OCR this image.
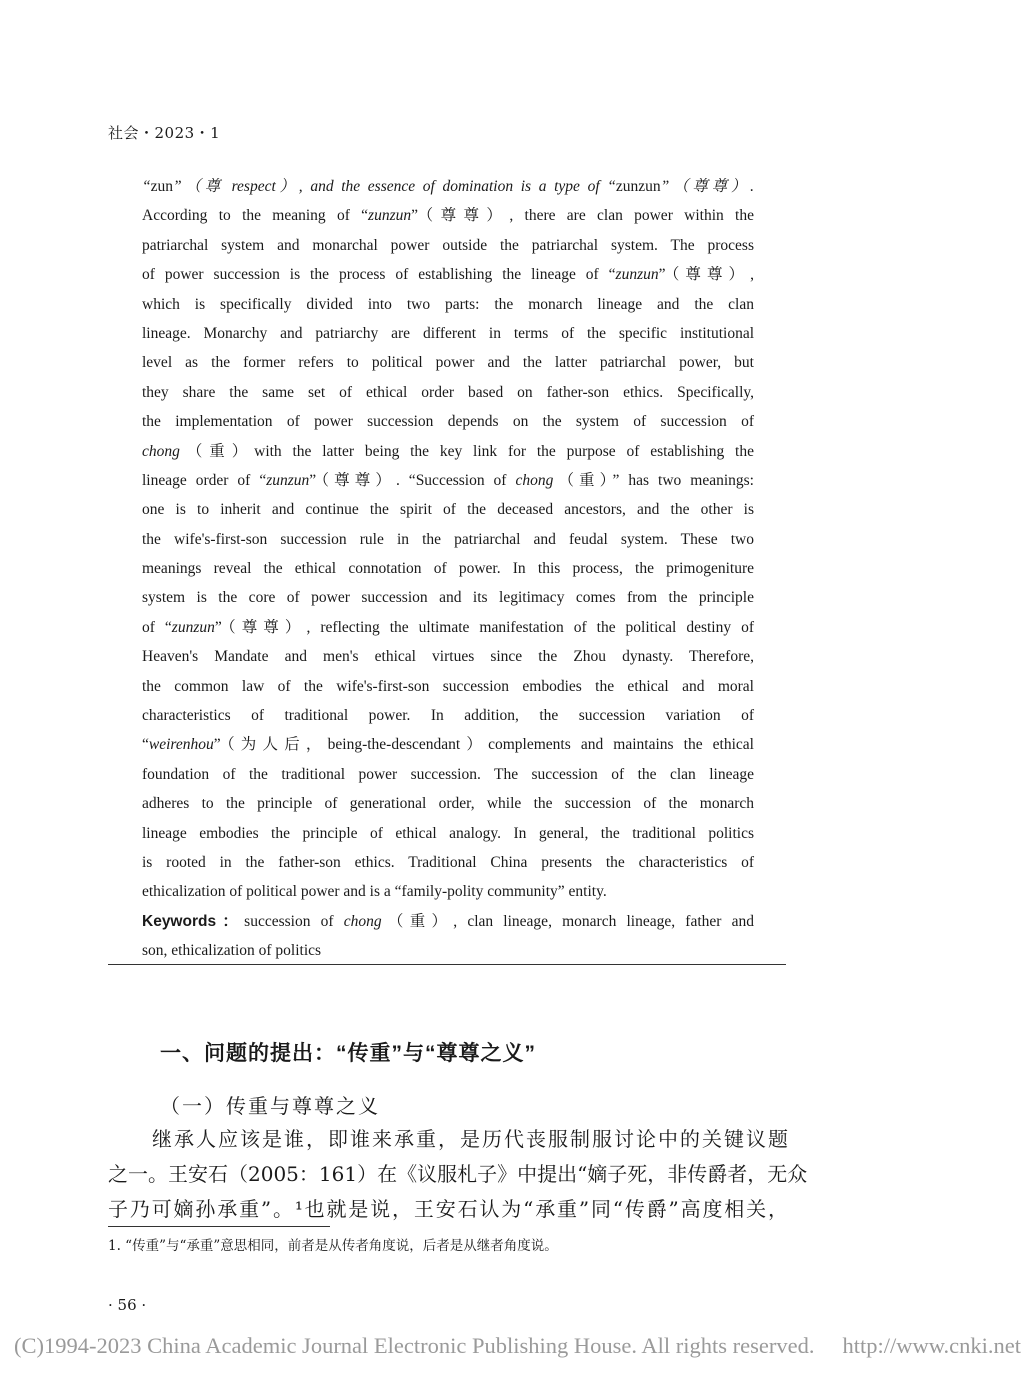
社会・2023・1
“zun”（尊 respect）, and the essence of domination is a type of “zunzun”（尊尊）.
According to the meaning of “zunzun”（尊尊）, there are clan power within the
patriarchal system and monarchal power outside the patriarchal system. The process
of power succession is the process of establishing the lineage of “zunzun”（尊尊）,
which is specifically divided into two parts: the monarch lineage and the clan
lineage. Monarchy and patriarchy are different in terms of the specific institutional
level as the former refers to political power and the latter patriarchal power, but
they share the same set of ethical order based on father-son ethics. Specifically,
the implementation of power succession depends on the system of succession of
chong（重）with the latter being the key link for the purpose of establishing the
lineage order of “zunzun”（尊尊）. “Succession of chong（重）” has two meanings:
one is to inherit and continue the spirit of the deceased ancestors, and the other is
the wife's-first-son succession rule in the patriarchal and feudal system. These two
meanings reveal the ethical connotation of power. In this process, the primogeniture
system is the core of power succession and its legitimacy comes from the principle
of “zunzun”（尊尊）, reflecting the ultimate manifestation of the political destiny of
Heaven's Mandate and men's ethical virtues since the Zhou dynasty. Therefore,
the common law of the wife's-first-son succession embodies the ethical and moral
characteristics of traditional power. In addition, the succession variation of
“weirenhou”（为人后，being-the-descendant）complements and maintains the ethical
foundation of the traditional power succession. The succession of the clan lineage
adheres to the principle of generational order, while the succession of the monarch
lineage embodies the principle of ethical analogy. In general, the traditional politics
is rooted in the father-son ethics. Traditional China presents the characteristics of
ethicalization of political power and is a “family-polity community” entity.
Keywords：succession of chong（重）, clan lineage, monarch lineage, father and
son, ethicalization of politics
一、问题的提出：“传重”与“尊尊之义”
（一）传重与尊尊之义
继承人应该是谁，即谁来承重，是历代丧服制服讨论中的关键议题
之一。王安石（2005：161）在《议服札子》中提出“嫡子死，非传爵者，无众
子乃可嫡孙承重”。¹也就是说，王安石认为“承重”同“传爵”高度相关，
1. “传重”与“承重”意思相同，前者是从传者角度说，后者是从继者角度说。
· 56 ·
(C)1994-2023 China Academic Journal Electronic Publishing House. All rights reserved. http://www.cnki.net
